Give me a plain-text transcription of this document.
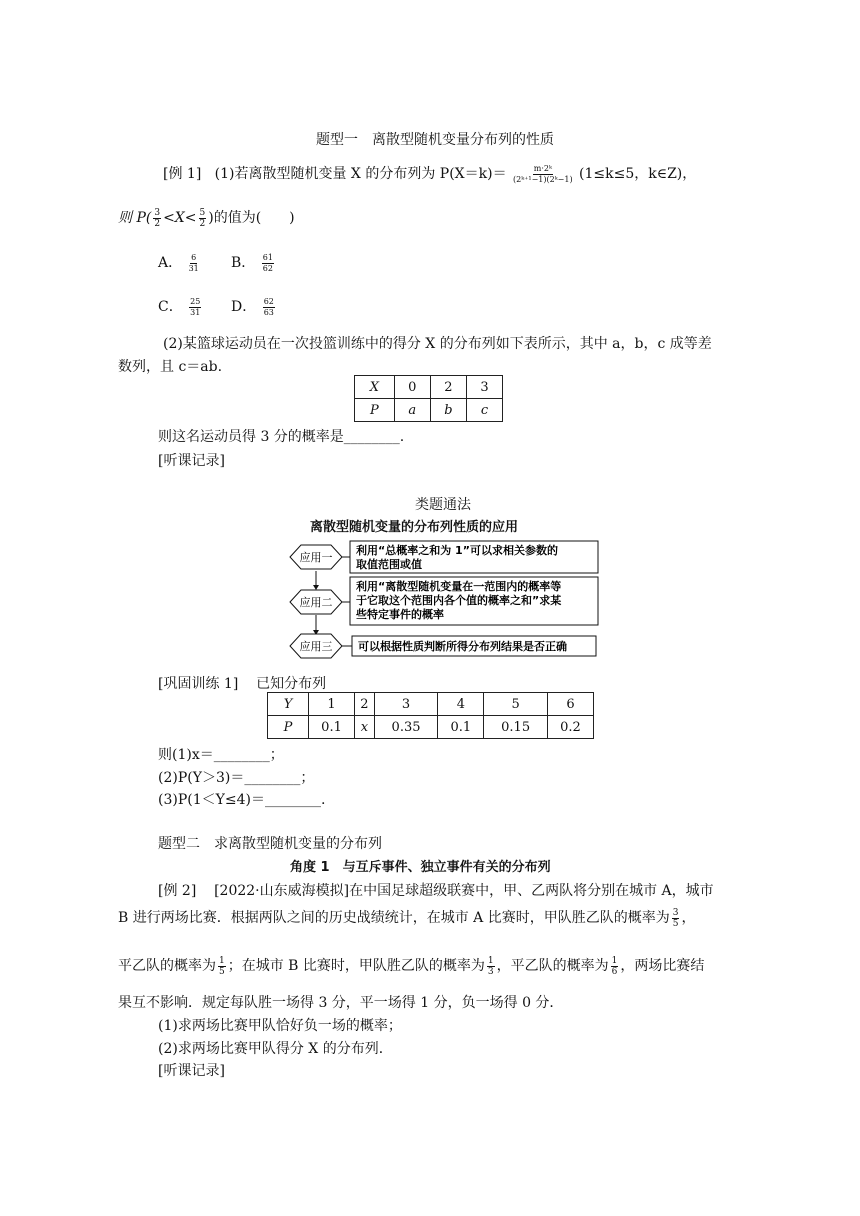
题型一　离散型随机变量分布列的性质
[例 1] (1)若离散型随机变量 X 的分布列为 $P(X=k)= \frac{\text{m·2ᵏ}}{\text{(2ᵏ⁺¹−1)(2ᵏ−1)}} (1\le k\le 5$，k∈Z)，
则 $P( \frac{3}{2} <X< \frac{5}{2}$ )的值为(　　)
A． $\frac{6}{31}$ B． $\frac{61}{62}$
C． $\frac{25}{31}$ D． $\frac{62}{63}$
(2)某篮球运动员在一次投篮训练中的得分 X 的分布列如下表所示，其中 a，b，c 成等差
数列，且 c＝ab.
X	0	2	3
P	a	b	c
则这名运动员得 3 分的概率是________.
[听课记录]
类题通法
离散型随机变量的分布列性质的应用
应用一
利用“总概率之和为 1”可以求相关参数的
取值范围或值
应用二
利用“离散型随机变量在一范围内的概率等
于它取这个范围内各个值的概率之和”求某
些特定事件的概率
应用三 可以根据性质判断所得分布列结果是否正确
[巩固训练 1] 已知分布列
Y	1	2	3	4	5	6
P	0.1	x	0.35	0.1	0.15	0.2
则(1)x＝________；
(2)P(Y＞3)＝________；
(3)P(1＜Y≤4)＝________.
题型二　求离散型随机变量的分布列
角度 1　与互斥事件、独立事件有关的分布列
[例 2] [2022·山东威海模拟]在中国足球超级联赛中，甲、乙两队将分别在城市 A，城市
B 进行两场比赛．根据两队之间的历史战绩统计，在城市 A 比赛时，甲队胜乙队的概率为 $\frac{3}{5}$ ，
平乙队的概率为 $\frac{1}{5}$ ；在城市 B 比赛时，甲队胜乙队的概率为 $\frac{1}{3}$ ，平乙队的概率为 $\frac{1}{6}$ ，两场比赛结
果互不影响．规定每队胜一场得 3 分，平一场得 1 分，负一场得 0 分．
(1)求两场比赛甲队恰好负一场的概率；
(2)求两场比赛甲队得分 X 的分布列．
[听课记录]
